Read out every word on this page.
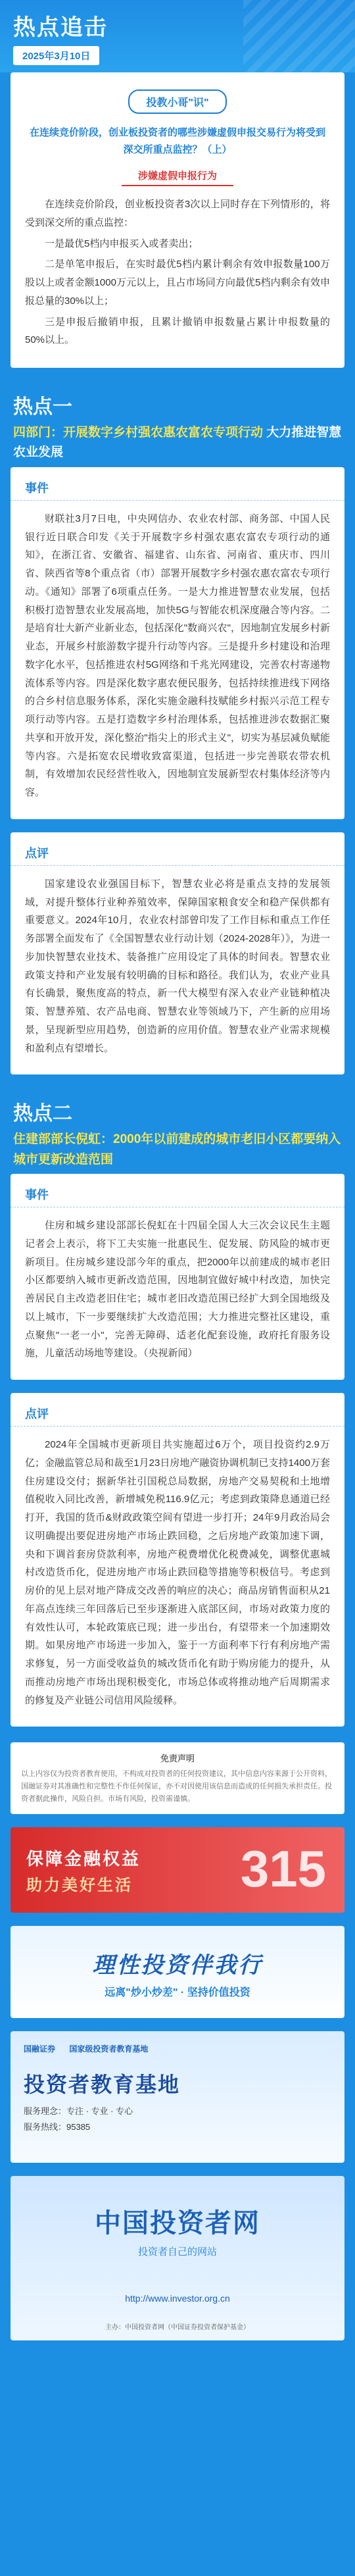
热点追击
2025年3月10日
投教小哥"识"
在连续竞价阶段，创业板投资者的哪些涉嫌虚假申报交易行为将受到深交所重点监控？（上）
涉嫌虚假申报行为

在连续竞价阶段，创业板投资者3次以上同时存在下列情形的，将受到深交所的重点监控：

一是最优5档内申报买入或者卖出；

二是单笔申报后，在实时最优5档内累计剩余有效申报数量100万股以上或者金额1000万元以上，且占市场同方向最优5档内剩余有效申报总量的30%以上；

三是申报后撤销申报，且累计撤销申报数量占累计申报数量的50%以上。

热点一
四部门：开展数字乡村强农惠农富农专项行动 大力推进智慧农业发展
事件

财联社3月7日电，中央网信办、农业农村部、商务部、中国人民银行近日联合印发《关于开展数字乡村强农惠农富农专项行动的通知》，在浙江省、安徽省、福建省、山东省、河南省、重庆市、四川省、陕西省等8个重点省（市）部署开展数字乡村强农惠农富农专项行动。《通知》部署了6项重点任务。一是大力推进智慧农业发展，包括积极打造智慧农业发展高地，加快5G与智能农机深度融合等内容。二是培育壮大新产业新业态，包括深化"数商兴农"，因地制宜发展乡村新业态，开展乡村旅游数字提升行动等内容。三是提升乡村建设和治理数字化水平，包括推进农村5G网络和千兆光网建设，完善农村寄递物流体系等内容。四是深化数字惠农便民服务，包括持续推进线下网络的合乡村信息服务体系，深化实施金融科技赋能乡村振兴示范工程专项行动等内容。五是打造数字乡村治理体系，包括推进涉农数据汇聚共享和开放开发，深化整治"指尖上的形式主义"，切实为基层减负赋能等内容。六是拓宽农民增收致富渠道，包括进一步完善联农带农机制，有效增加农民经营性收入，因地制宜发展新型农村集体经济等内容。

点评

国家建设农业强国目标下，智慧农业必将是重点支持的发展领域，对提升整体行业种养殖效率，保障国家粮食安全和稳产保供都有重要意义。2024年10月，农业农村部曾印发了工作目标和重点工作任务部署全面发布了《全国智慧农业行动计划（2024-2028年）》，为进一步加快智慧农业技术、装备推广应用设定了具体的时间表。智慧农业政策支持和产业发展有较明确的目标和路径。我们认为，农业产业具有长确景，聚焦度高的特点，新一代大模型有深入农业产业链种植决策、智慧养殖、农产品电商、智慧农业等领域乃下，产生新的应用场景，呈现新型应用趋势，创造新的应用价值。智慧农业产业需求规模和盈利点有望增长。

热点二
住建部部长倪虹：2000年以前建成的城市老旧小区都要纳入城市更新改造范围
事件

住房和城乡建设部部长倪虹在十四届全国人大三次会议民生主题记者会上表示，将下工夫实施一批惠民生、促发展、防风险的城市更新项目。住房城乡建设部今年的重点，把2000年以前建成的城市老旧小区都要纳入城市更新改造范围，因地制宜做好城中村改造，加快完善居民自主改造老旧住宅；城市老旧改造范围已经扩大到全国地级及以上城市，下一步要继续扩大改造范围；大力推进完整社区建设，重点聚焦"一老一小"，完善无障碍、适老化配套设施，政府托育服务设施，儿童活动场地等建设。（央视新闻）

点评

2024年全国城市更新项目共实施超过6万个，项目投资约2.9万亿；金融监管总局和裁至1月23日房地产融资协调机制已支持1400万套住房建设交付；据新华社引国税总局数据，房地产交易契税和土地增值税收入同比改善，新增城免税116.9亿元；考虑到政策降息通道已经打开，我国的货币&财政政策空间有望进一步打开；24年9月政治局会议明确提出要促进房地产市场止跌回稳，之后房地产政策加速下调，央和下调首套房贷款利率，房地产税费增优化税费减免，调整优惠城村改造货币化，促进房地产市场止跌回稳等措施等积极信号。考虑到房价的见上层对地产降成交改善的响应的决心；商品房销售面积从21年高点连续三年回落后已至步逐渐进入底部区间，市场对政策力度的有效性认可，本轮政策底已现；进一步出台，有望带来一个加速期效期。如果房地产市场进一步加入，鉴于一方面利率下行有利房地产需求修复，另一方面受收益负的城改货币化有助于购房能力的提升，从而推动房地产市场出现积极变化，市场总体或将推动地产后周期需求的修复及产业链公司信用风险缓释。

免责声明
以上内容仅为投资者教育使用，不构成对投资者的任何投资建议，其中信息内容来源于公开资料，国融证券对其准确性和完整性不作任何保证，亦不对因使用该信息而造成的任何损失承担责任。投资者据此操作，风险自担。市场有风险，投资需谨慎。
保障金融权益
助力美好生活 315
理性投资伴我行
远离"炒小炒差" · 坚持价值投资
国融证券 国家级投资者教育基地
投资者教育基地
服务理念：专注 · 专业 · 专心
服务热线：95385
中国投资者网
投资者自己的网站
http://www.investor.org.cn
主办：中国投资者网（中国证券投资者保护基金）
